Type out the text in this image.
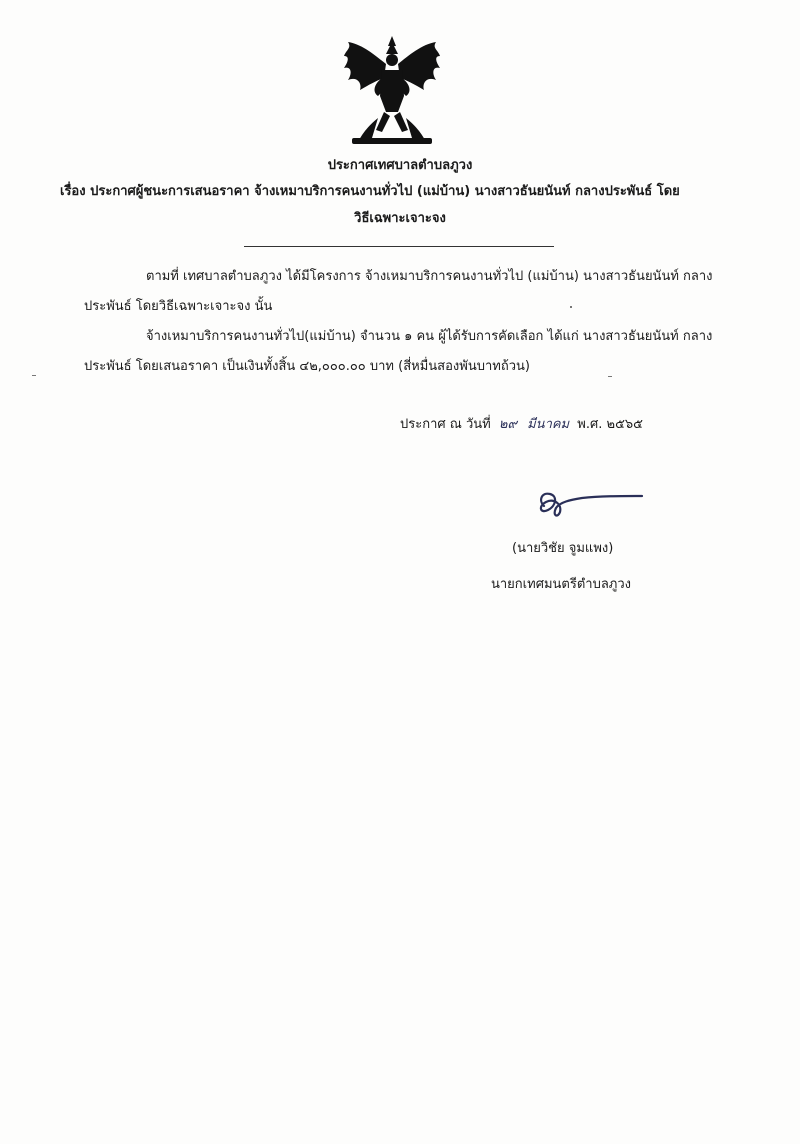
ประกาศเทศบาลตำบลภูวง
เรื่อง ประกาศผู้ชนะการเสนอราคา จ้างเหมาบริการคนงานทั่วไป (แม่บ้าน) นางสาวธันยนันท์ กลางประพันธ์ โดย
วิธีเฉพาะเจาะจง
ตามที่ เทศบาลตำบลภูวง ได้มีโครงการ จ้างเหมาบริการคนงานทั่วไป (แม่บ้าน) นางสาวธันยนันท์ กลาง
ประพันธ์ โดยวิธีเฉพาะเจาะจง นั้น
จ้างเหมาบริการคนงานทั่วไป(แม่บ้าน) จำนวน ๑ คน ผู้ได้รับการคัดเลือก ได้แก่ นางสาวธันยนันท์ กลาง
ประพันธ์ โดยเสนอราคา เป็นเงินทั้งสิ้น ๔๒,๐๐๐.๐๐ บาท (สี่หมื่นสองพันบาทถ้วน)
ประกาศ ณ วันที่ ๒๙ มีนาคม พ.ศ. ๒๕๖๕
(นายวิชัย จูมแพง)
นายกเทศมนตรีตำบลภูวง
